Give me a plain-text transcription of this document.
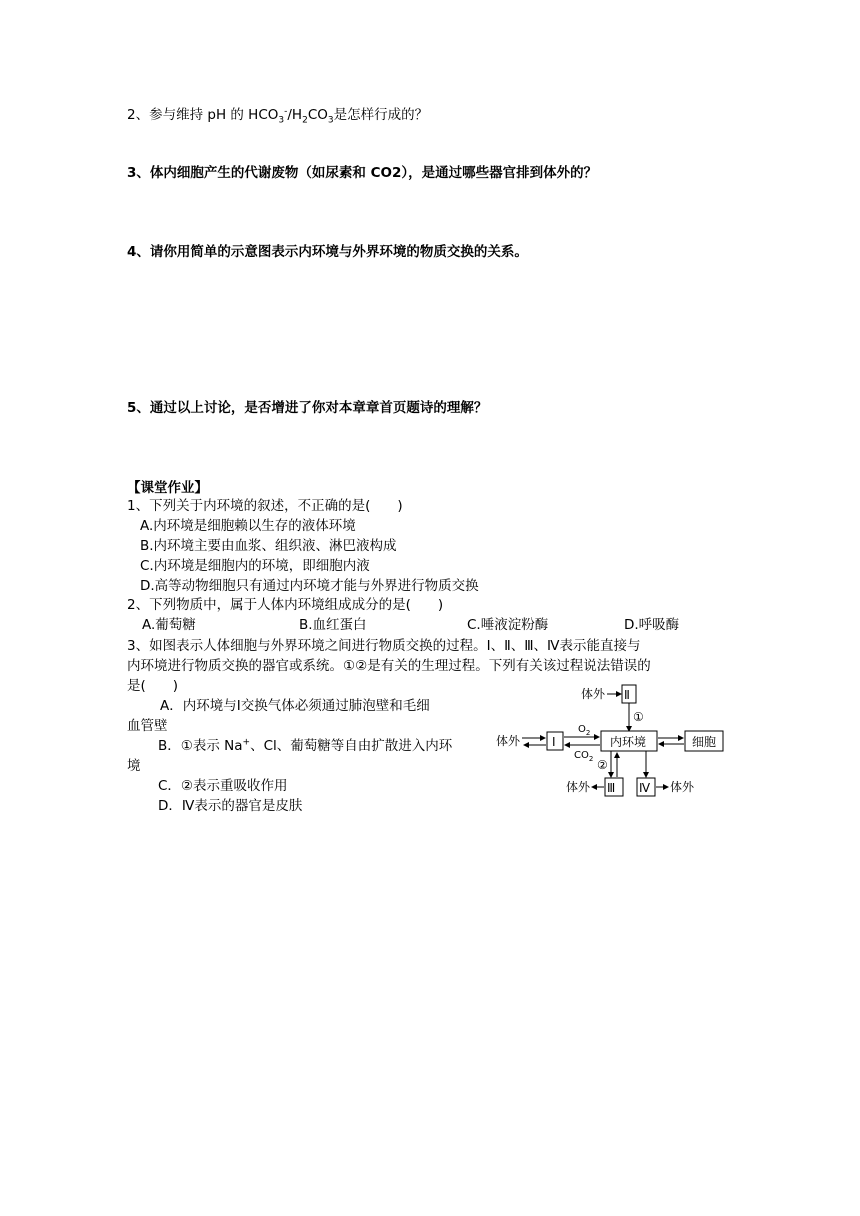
2、参与维持 pH 的 $HCO_3^-/H_2CO_3$是怎样行成的？
3、体内细胞产生的代谢废物（如尿素和 CO2），是通过哪些器官排到体外的？
4、请你用简单的示意图表示内环境与外界环境的物质交换的关系。
5、通过以上讨论，是否增进了你对本章章首页题诗的理解？
【课堂作业】
1、下列关于内环境的叙述，不正确的是(　　)
A.内环境是细胞赖以生存的液体环境
B.内环境主要由血浆、组织液、淋巴液构成
C.内环境是细胞内的环境，即细胞内液
D.高等动物细胞只有通过内环境才能与外界进行物质交换
2、下列物质中，属于人体内环境组成成分的是(　　)
A.葡萄糖	B.血红蛋白	C.唾液淀粉酶	D.呼吸酶
3、如图表示人体细胞与外界环境之间进行物质交换的过程。Ⅰ、Ⅱ、Ⅲ、Ⅳ表示能直接与
内环境进行物质交换的器官或系统。①②是有关的生理过程。下列有关该过程说法错误的
是(　　)
A．内环境与Ⅰ交换气体必须通过肺泡壁和毛细
血管壁
B．①表示 Na+、Cl、葡萄糖等自由扩散进入内环
境
C．②表示重吸收作用
D．Ⅳ表示的器官是皮肤
体外 Ⅱ
①
体外	Ⅰ
$O_2$
$CO_2$
内环境	细胞
②
Ⅲ
体外	Ⅳ 体外
